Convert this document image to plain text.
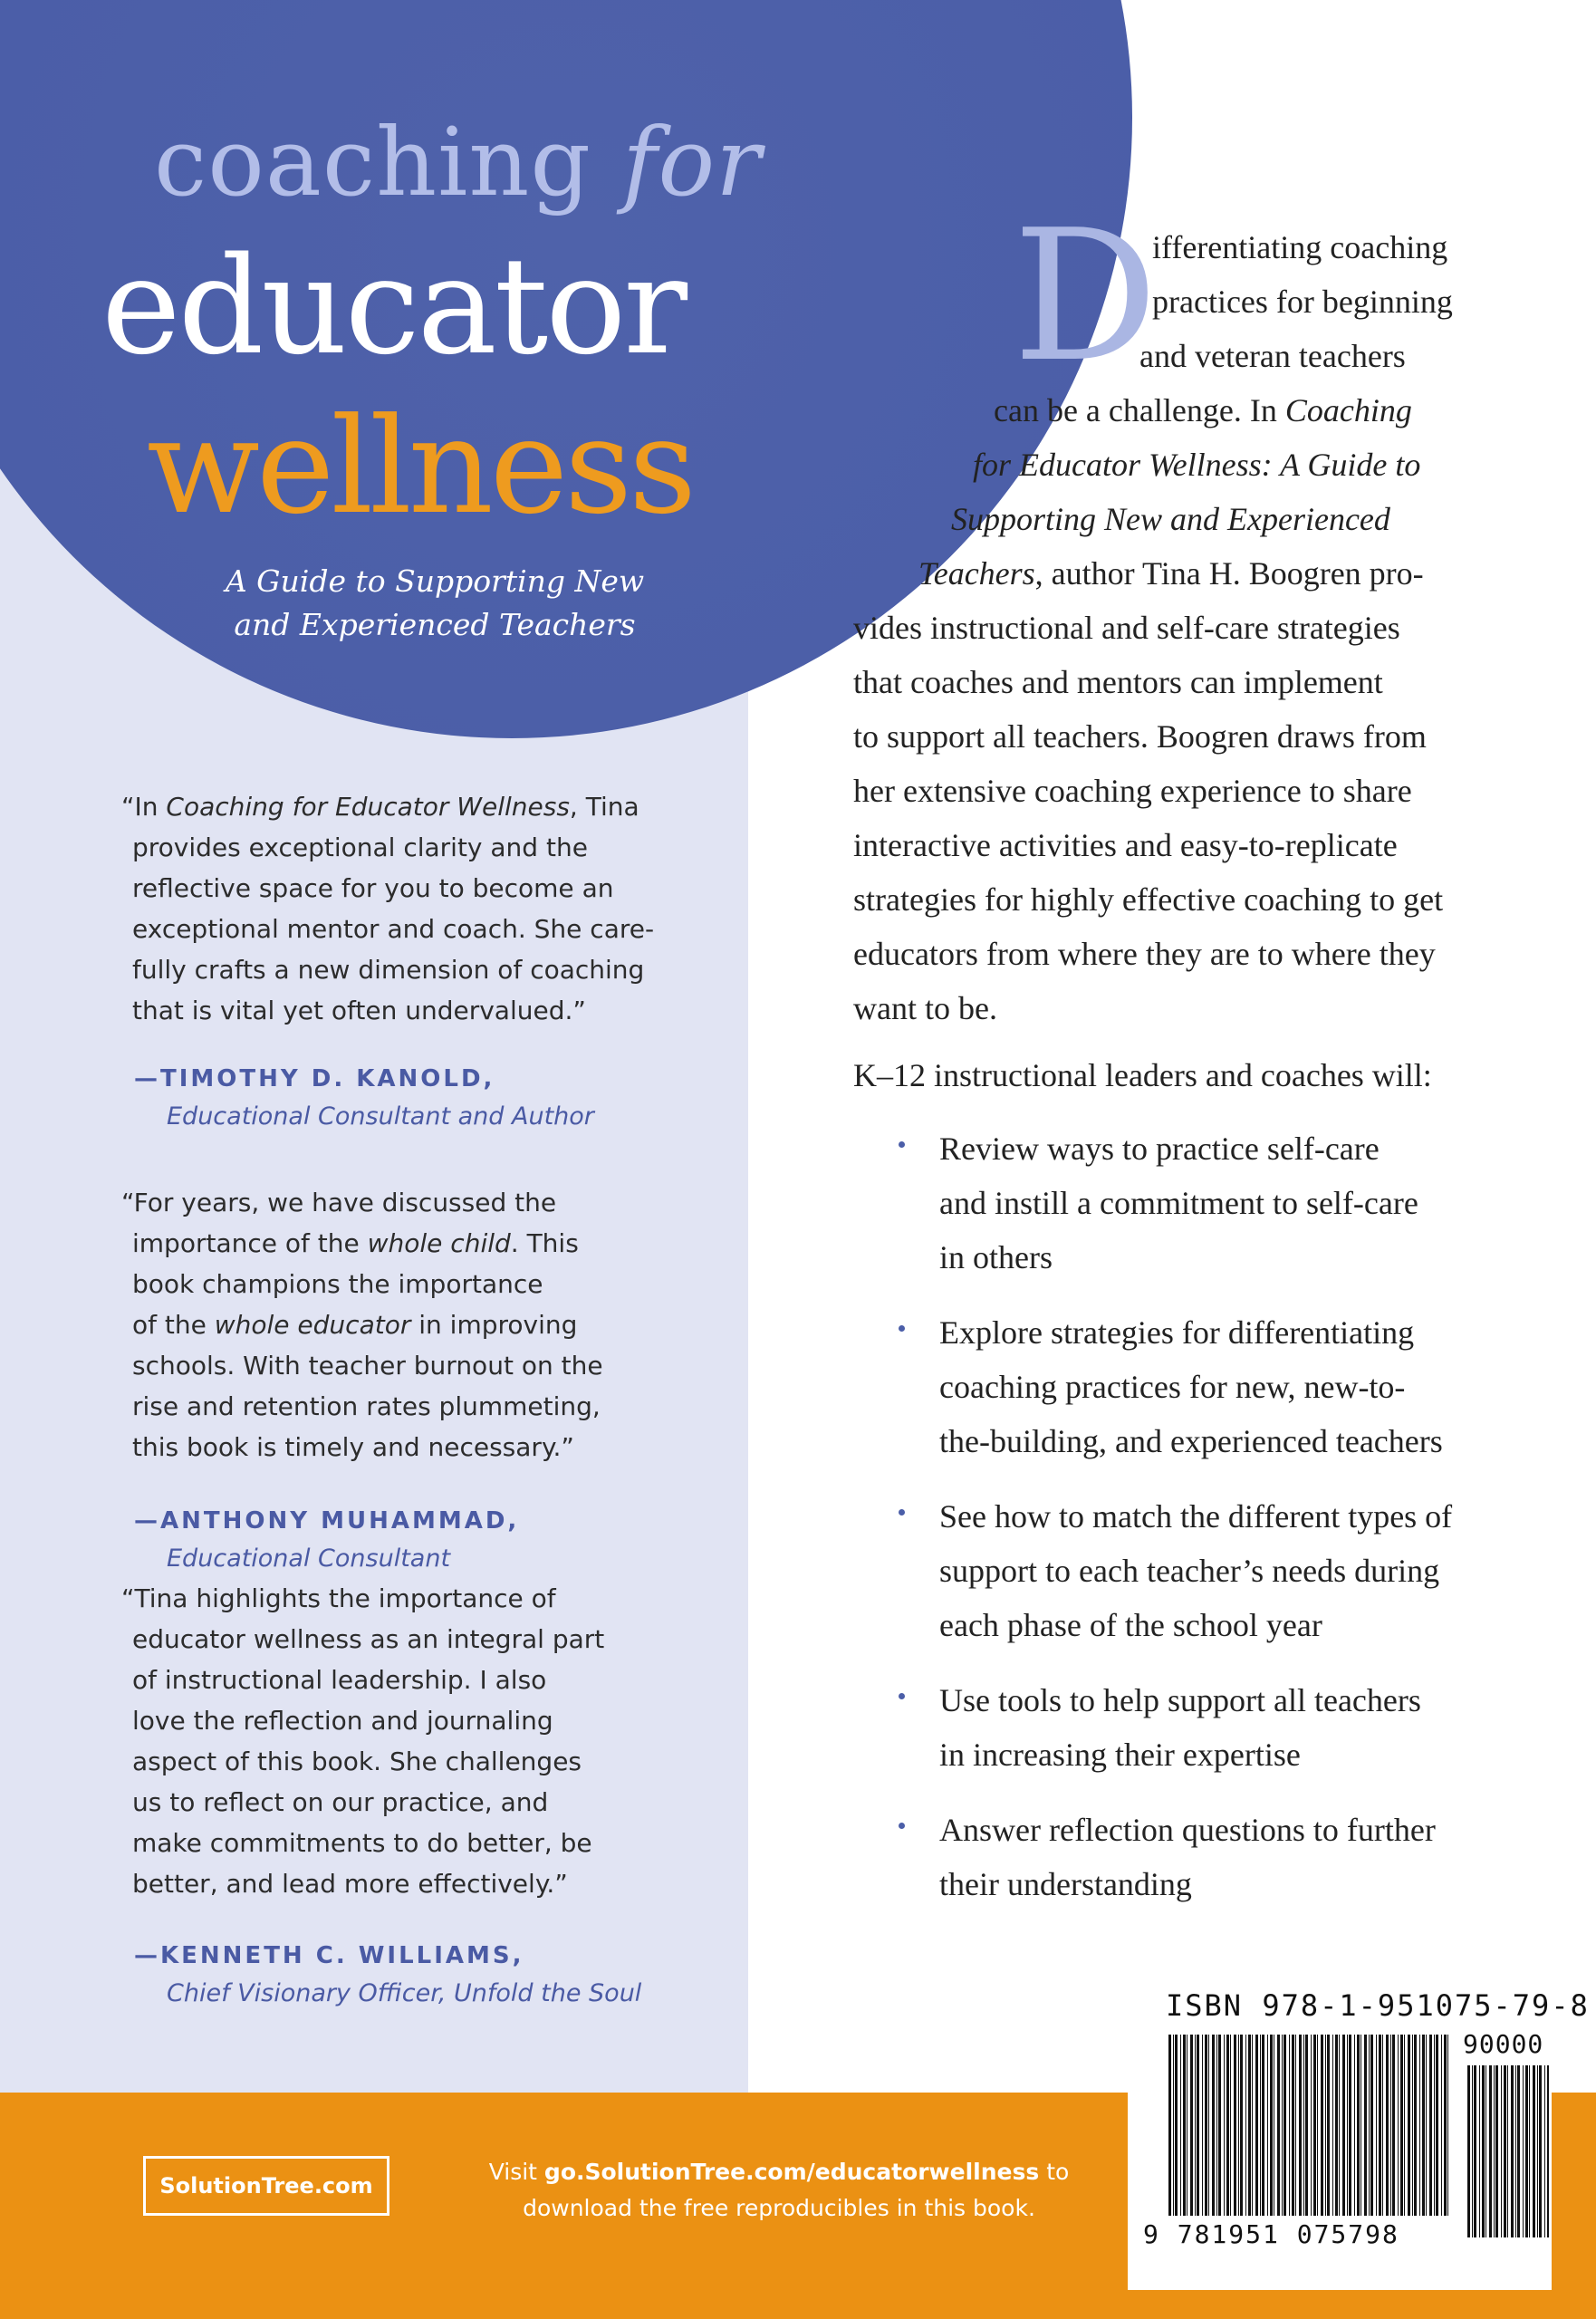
coaching for
educator
wellness
A Guide to Supporting New
and Experienced Teachers
“In Coaching for Educator Wellness, Tina
provides exceptional clarity and the
reflective space for you to become an
exceptional mentor and coach. She care-
fully crafts a new dimension of coaching
that is vital yet often undervalued.”
—TIMOTHY D. KANOLD,
Educational Consultant and Author
“For years, we have discussed the
importance of the whole child. This
book champions the importance
of the whole educator in improving
schools. With teacher burnout on the
rise and retention rates plummeting,
this book is timely and necessary.”
—ANTHONY MUHAMMAD,
Educational Consultant
“Tina highlights the importance of
educator wellness as an integral part
of instructional leadership. I also
love the reflection and journaling
aspect of this book. She challenges
us to reflect on our practice, and
make commitments to do better, be
better, and lead more effectively.”
—KENNETH C. WILLIAMS,
Chief Visionary Officer, Unfold the Soul
D
ifferentiating coaching
practices for beginning
and veteran teachers
can be a challenge. In Coaching
for Educator Wellness: A Guide to
Supporting New and Experienced
Teachers, author Tina H. Boogren pro-
vides instructional and self-care strategies
that coaches and mentors can implement
to support all teachers. Boogren draws from
her extensive coaching experience to share
interactive activities and easy-to-replicate
strategies for highly effective coaching to get
educators from where they are to where they
want to be.
K–12 instructional leaders and coaches will:
Review ways to practice self-care
and instill a commitment to self-care
in others
Explore strategies for differentiating
coaching practices for new, new-to-
the-building, and experienced teachers
See how to match the different types of
support to each teacher’s needs during
each phase of the school year
Use tools to help support all teachers
in increasing their expertise
Answer reflection questions to further
their understanding
SolutionTree.com
Visit go.SolutionTree.com/educatorwellness to
download the free reproducibles in this book.
ISBN 978-1-951075-79-8
90000
9 781951 075798
